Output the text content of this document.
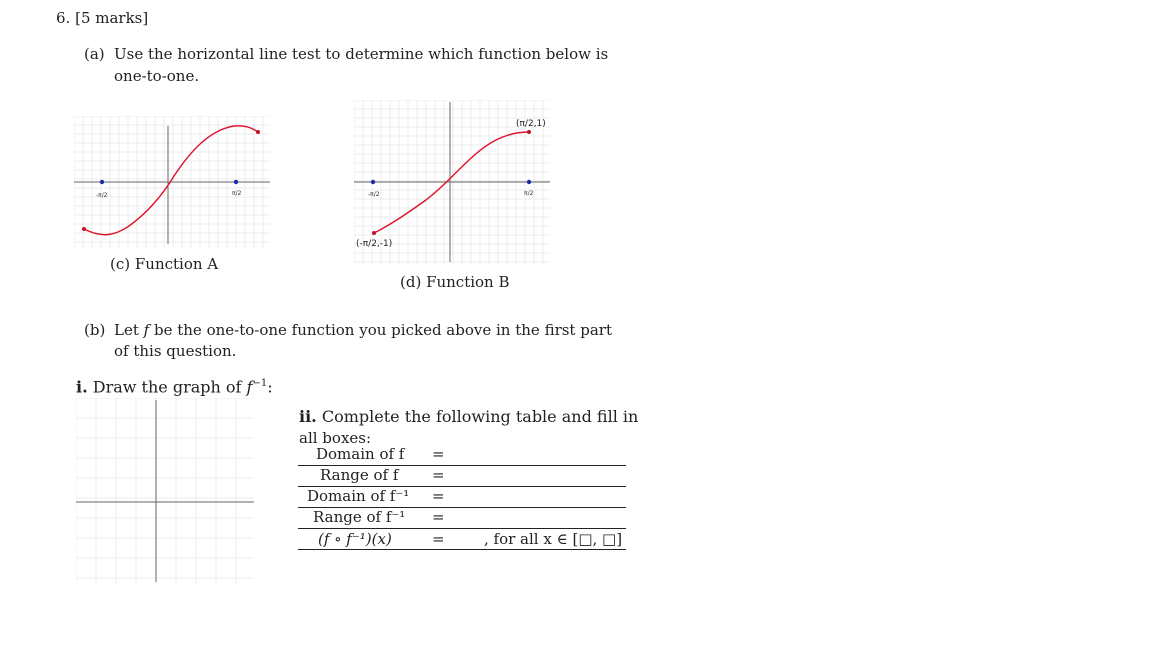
6. [5 marks]
(a) Use the horizontal line test to determine which function below is
one-to-one.
-π/2	π/2
(c) Function A
-π/2	π/2
(π/2,1)
(-π/2,-1)
(d) Function B
(b) Let f be the one-to-one function you picked above in the first part
of this question.
i. Draw the graph of $f^{-1}$:
ii. Complete the following table and fill in
all boxes:
Domain of f =
Range of f =
Domain of f⁻¹ =
Range of f⁻¹ =
(f ∘ f⁻¹)(x)	=	, for all x ∈ [□, □]
